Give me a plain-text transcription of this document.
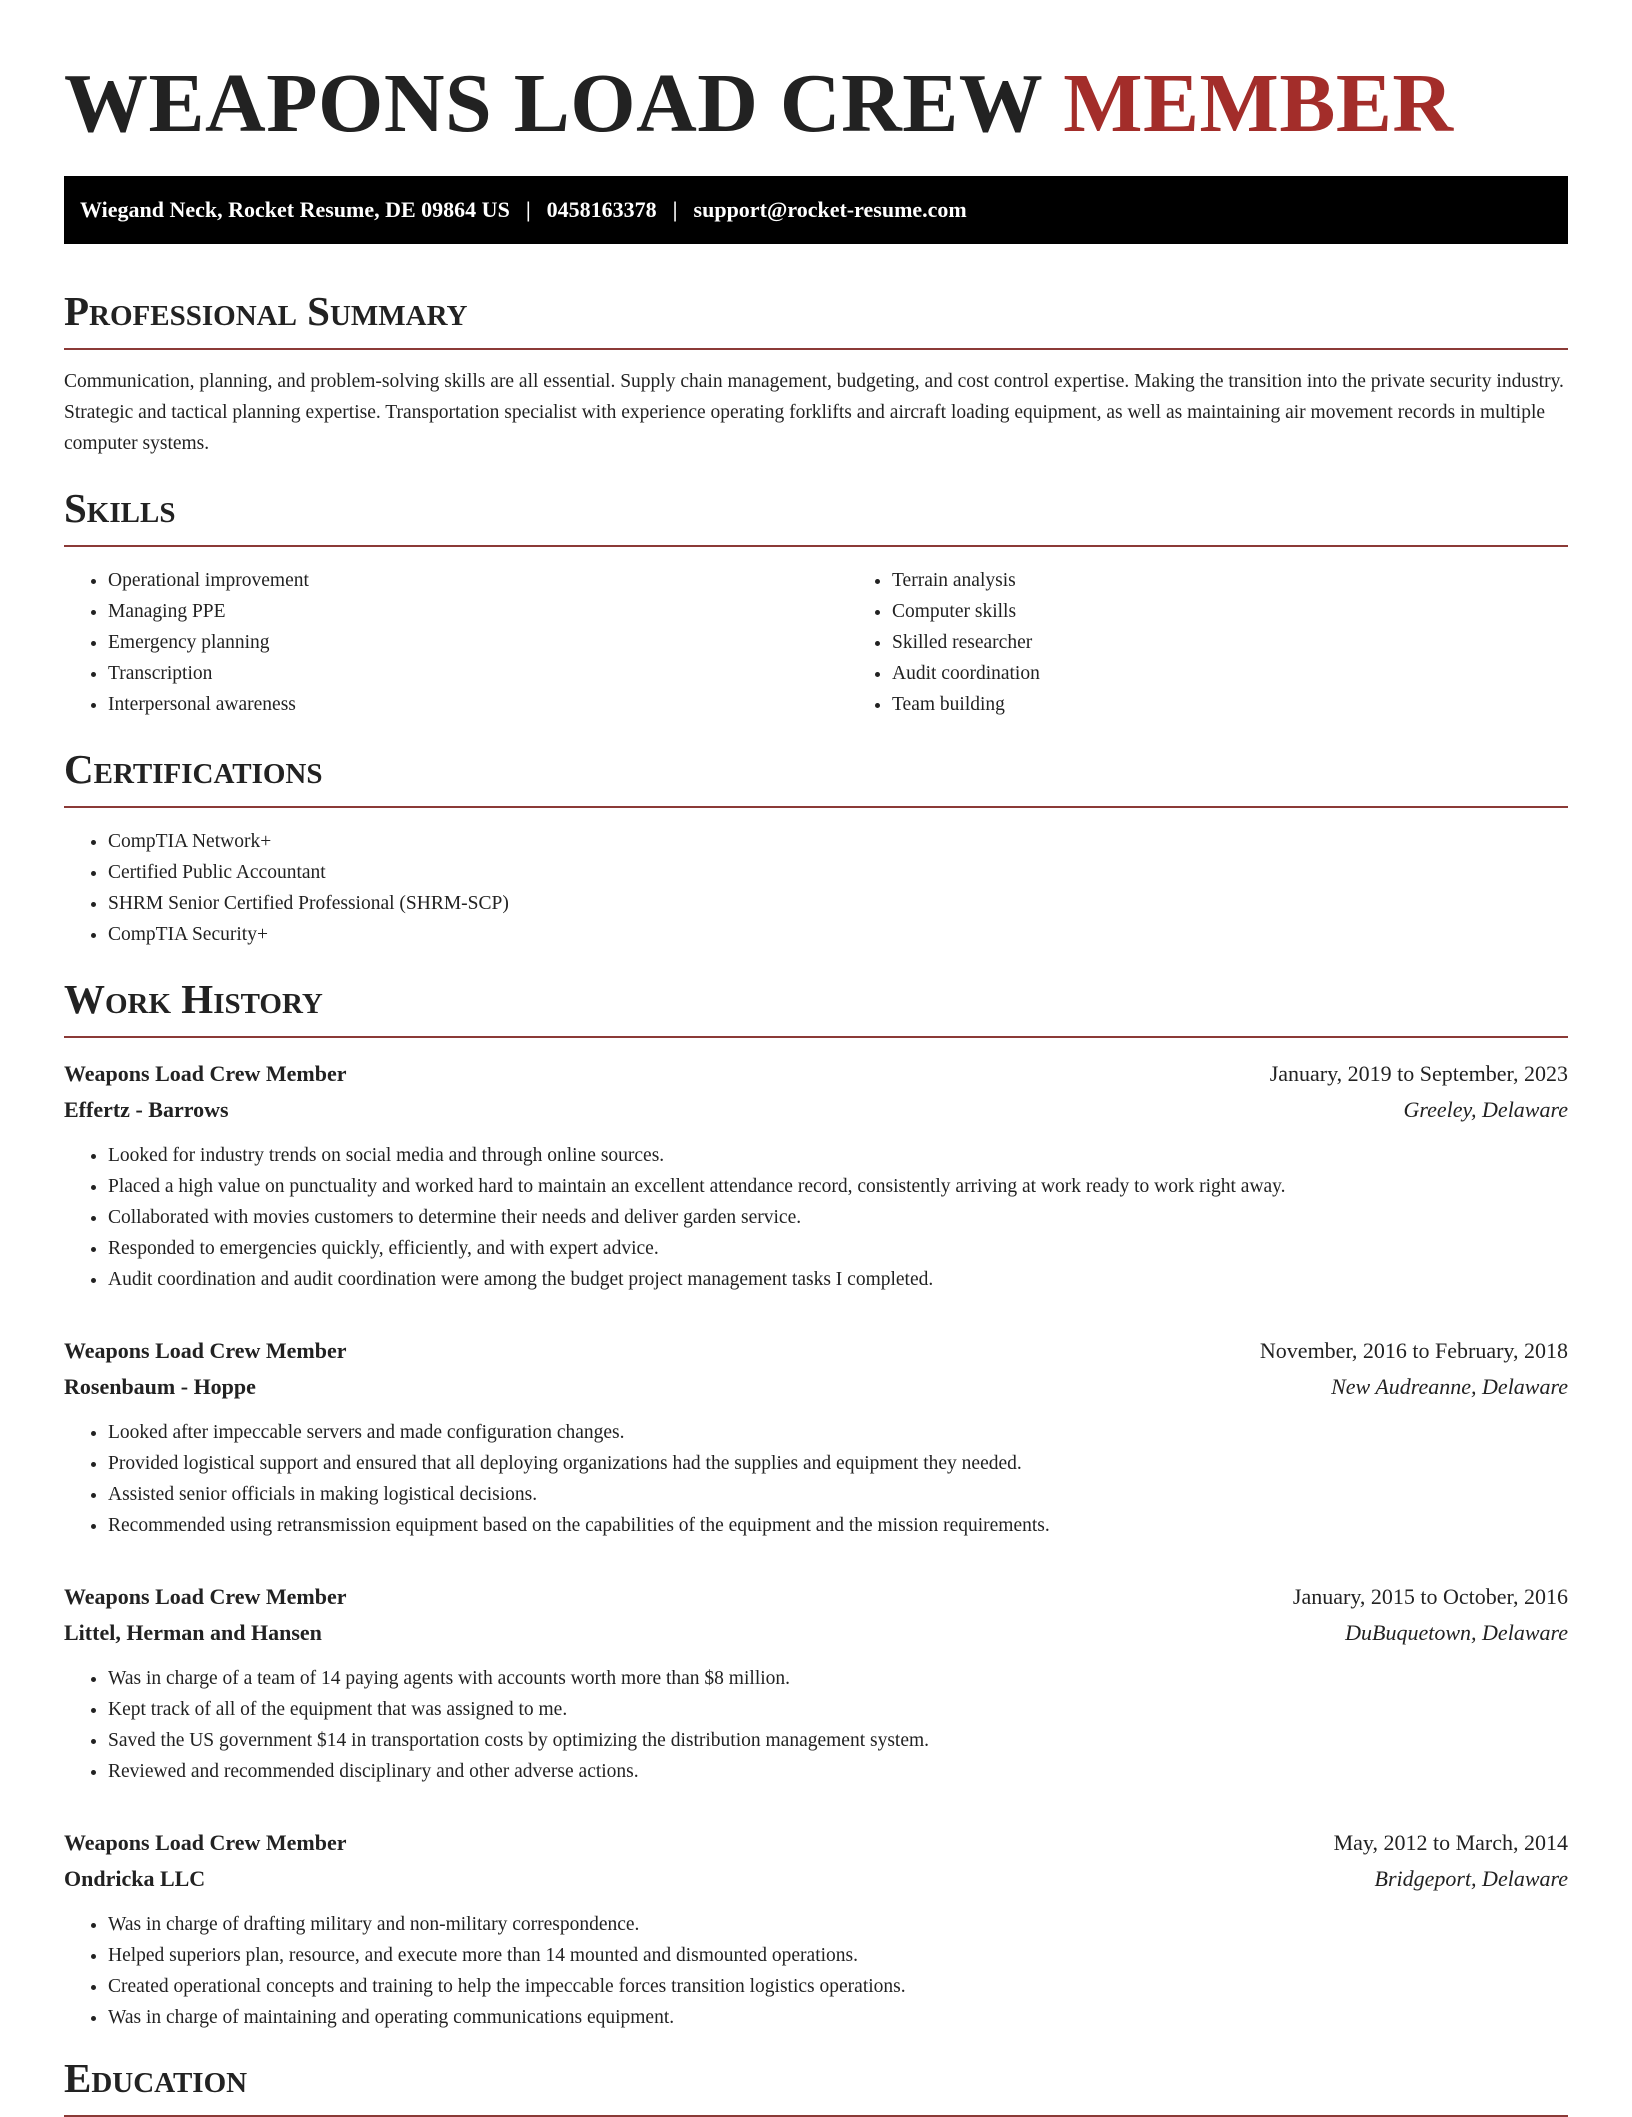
WEAPONS LOAD CREW MEMBER
Wiegand Neck, Rocket Resume, DE 09864 US | 0458163378 | support@rocket-resume.com
Professional Summary

Communication, planning, and problem-solving skills are all essential. Supply chain management, budgeting, and cost control expertise. Making the transition into the private security industry. Strategic and tactical planning expertise. Transportation specialist with experience operating forklifts and aircraft loading equipment, as well as maintaining air movement records in multiple computer systems.

Skills
• Operational improvement
• Managing PPE
• Emergency planning
• Transcription
• Interpersonal awareness
• Terrain analysis
• Computer skills
• Skilled researcher
• Audit coordination
• Team building
Certifications
• CompTIA Network+
• Certified Public Accountant
• SHRM Senior Certified Professional (SHRM-SCP)
• CompTIA Security+
Work History
Weapons Load Crew Member	January, 2019 to September, 2023
Effertz - Barrows	Greeley, Delaware
• Looked for industry trends on social media and through online sources.
• Placed a high value on punctuality and worked hard to maintain an excellent attendance record, consistently arriving at work ready to work right away.
• Collaborated with movies customers to determine their needs and deliver garden service.
• Responded to emergencies quickly, efficiently, and with expert advice.
• Audit coordination and audit coordination were among the budget project management tasks I completed.
Weapons Load Crew Member	November, 2016 to February, 2018
Rosenbaum - Hoppe	New Audreanne, Delaware
• Looked after impeccable servers and made configuration changes.
• Provided logistical support and ensured that all deploying organizations had the supplies and equipment they needed.
• Assisted senior officials in making logistical decisions.
• Recommended using retransmission equipment based on the capabilities of the equipment and the mission requirements.
Weapons Load Crew Member	January, 2015 to October, 2016
Littel, Herman and Hansen	DuBuquetown, Delaware
• Was in charge of a team of 14 paying agents with accounts worth more than $8 million.
• Kept track of all of the equipment that was assigned to me.
• Saved the US government $14 in transportation costs by optimizing the distribution management system.
• Reviewed and recommended disciplinary and other adverse actions.
Weapons Load Crew Member	May, 2012 to March, 2014
Ondricka LLC	Bridgeport, Delaware
• Was in charge of drafting military and non-military correspondence.
• Helped superiors plan, resource, and execute more than 14 mounted and dismounted operations.
• Created operational concepts and training to help the impeccable forces transition logistics operations.
• Was in charge of maintaining and operating communications equipment.
Education
